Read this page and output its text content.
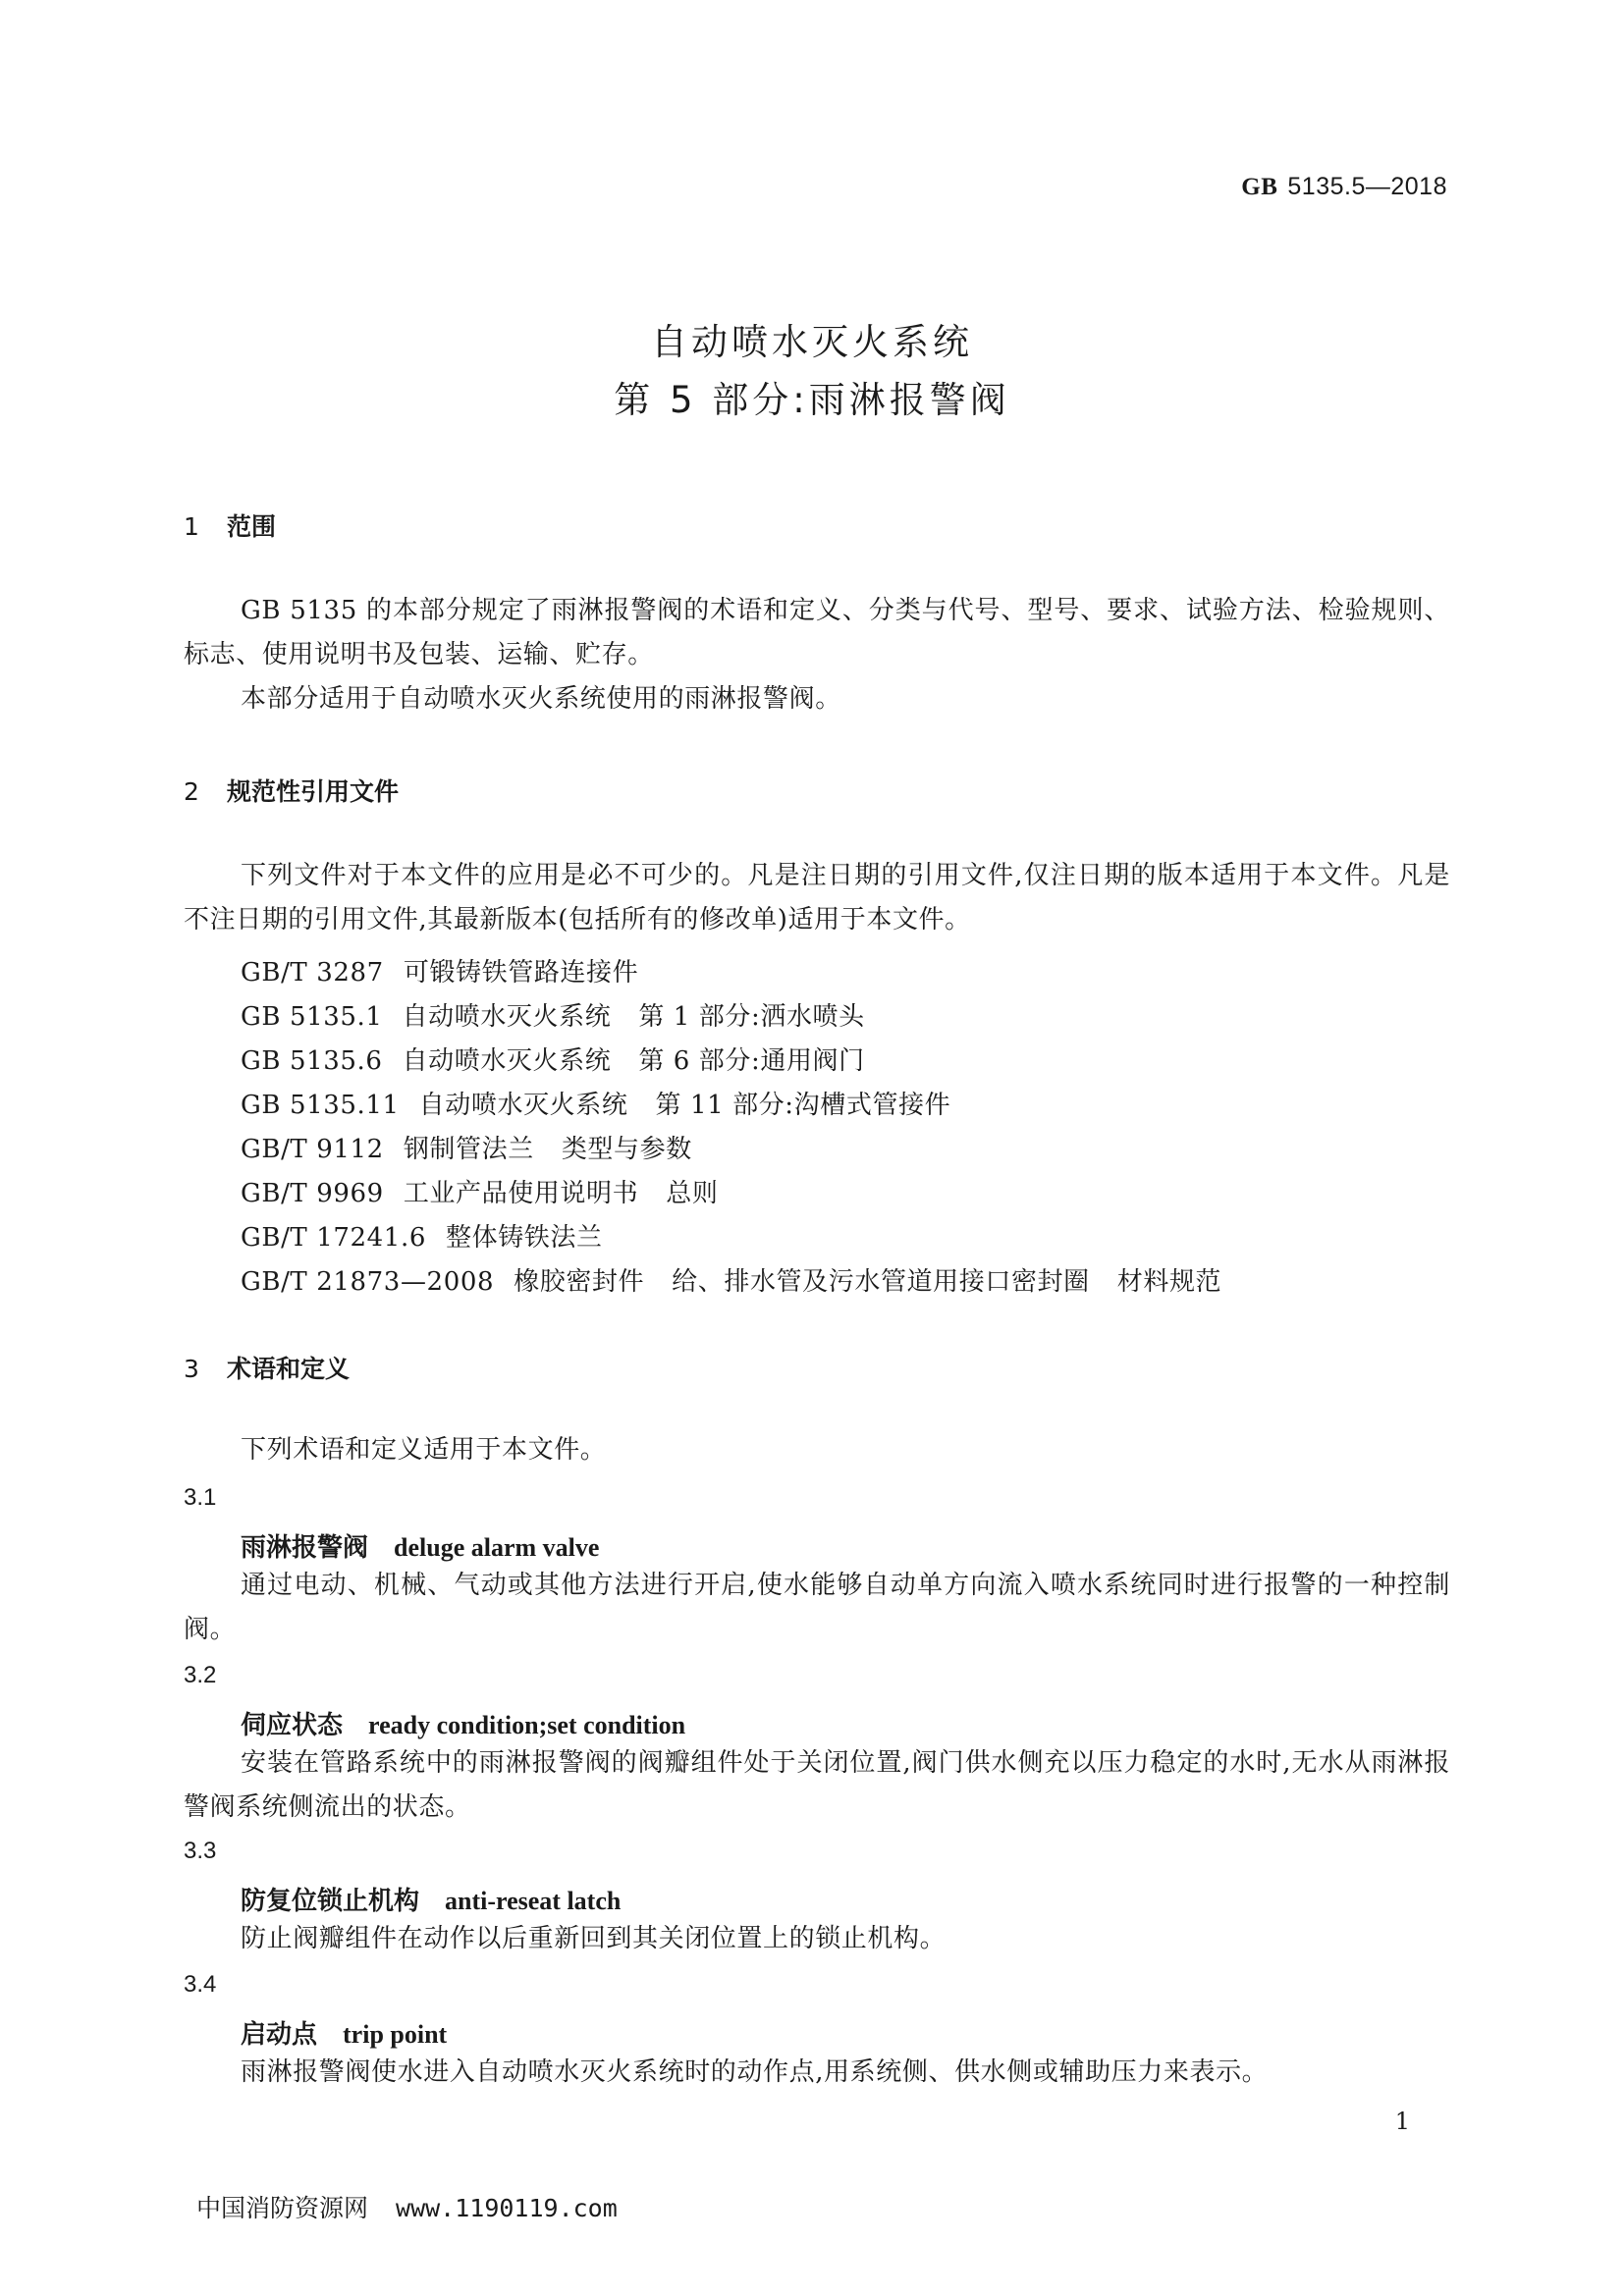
GB 5135.5—2018
自动喷水灭火系统
第 5 部分:雨淋报警阀
1 范围
GB 5135 的本部分规定了雨淋报警阀的术语和定义、分类与代号、型号、要求、试验方法、检验规则、标志、使用说明书及包装、运输、贮存。
本部分适用于自动喷水灭火系统使用的雨淋报警阀。
2 规范性引用文件
下列文件对于本文件的应用是必不可少的。凡是注日期的引用文件,仅注日期的版本适用于本文件。凡是不注日期的引用文件,其最新版本(包括所有的修改单)适用于本文件。
GB/T 3287 可锻铸铁管路连接件
GB 5135.1 自动喷水灭火系统 第 1 部分:洒水喷头
GB 5135.6 自动喷水灭火系统 第 6 部分:通用阀门
GB 5135.11 自动喷水灭火系统 第 11 部分:沟槽式管接件
GB/T 9112 钢制管法兰 类型与参数
GB/T 9969 工业产品使用说明书 总则
GB/T 17241.6 整体铸铁法兰
GB/T 21873—2008 橡胶密封件 给、排水管及污水管道用接口密封圈 材料规范
3 术语和定义
下列术语和定义适用于本文件。
3.1
雨淋报警阀 deluge alarm valve
通过电动、机械、气动或其他方法进行开启,使水能够自动单方向流入喷水系统同时进行报警的一种控制阀。
3.2
伺应状态 ready condition;set condition
安装在管路系统中的雨淋报警阀的阀瓣组件处于关闭位置,阀门供水侧充以压力稳定的水时,无水从雨淋报警阀系统侧流出的状态。
3.3
防复位锁止机构 anti-reseat latch
防止阀瓣组件在动作以后重新回到其关闭位置上的锁止机构。
3.4
启动点 trip point
雨淋报警阀使水进入自动喷水灭火系统时的动作点,用系统侧、供水侧或辅助压力来表示。
1
中国消防资源网 www.1190119.com
